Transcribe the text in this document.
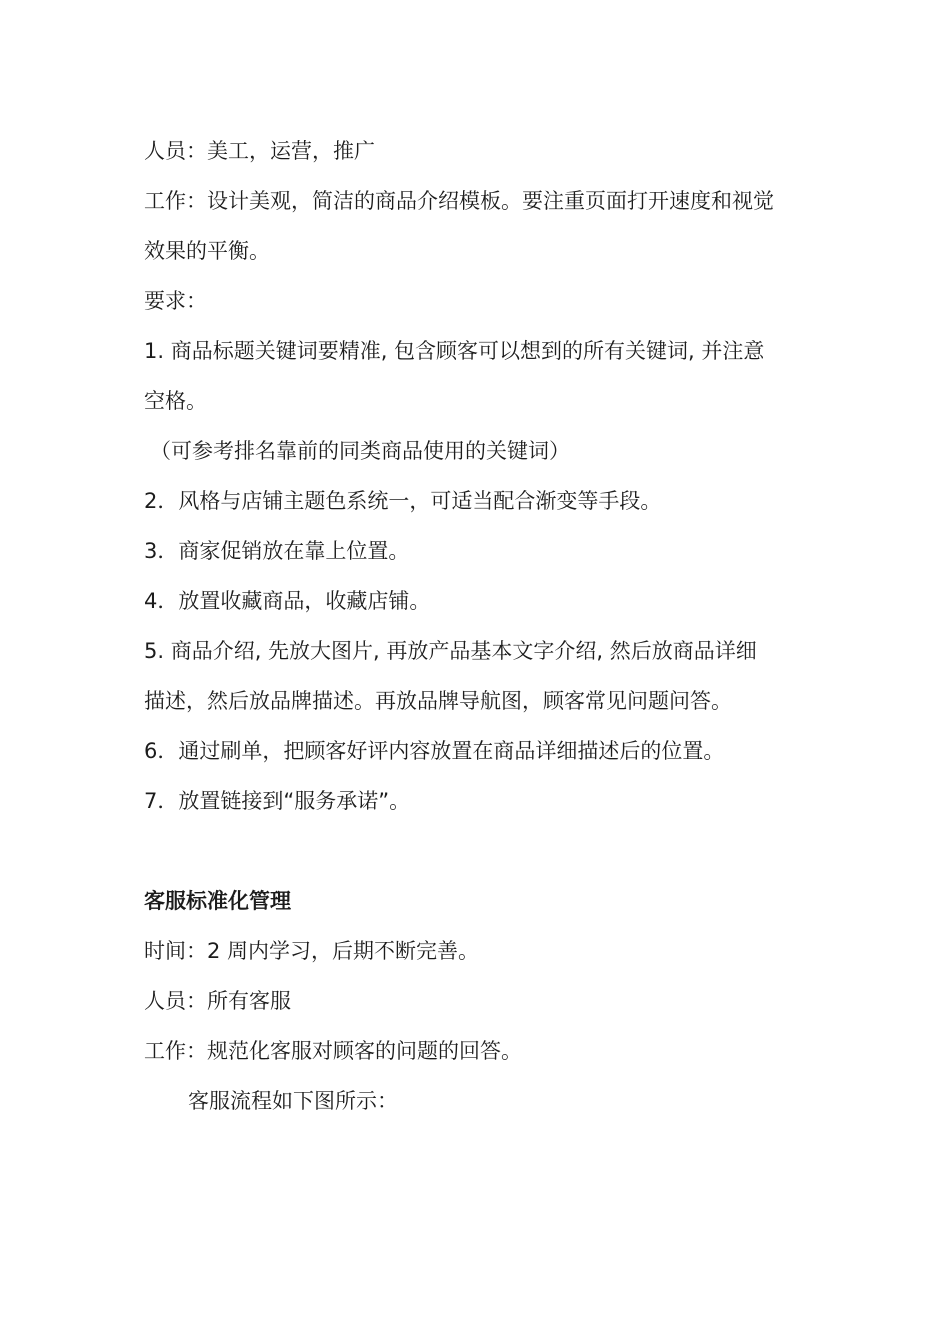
人员：美工，运营，推广
工作：设计美观，简洁的商品介绍模板。要注重页面打开速度和视觉
效果的平衡。
要求：
1. 商品标题关键词要精准, 包含顾客可以想到的所有关键词, 并注意
空格。
（可参考排名靠前的同类商品使用的关键词）
2．风格与店铺主题色系统一，可适当配合渐变等手段。
3．商家促销放在靠上位置。
4．放置收藏商品，收藏店铺。
5. 商品介绍, 先放大图片, 再放产品基本文字介绍, 然后放商品详细
描述，然后放品牌描述。再放品牌导航图，顾客常见问题问答。
6．通过刷单，把顾客好评内容放置在商品详细描述后的位置。
7．放置链接到“服务承诺”。
客服标准化管理
时间：2 周内学习，后期不断完善。
人员：所有客服
工作：规范化客服对顾客的问题的回答。
客服流程如下图所示：
